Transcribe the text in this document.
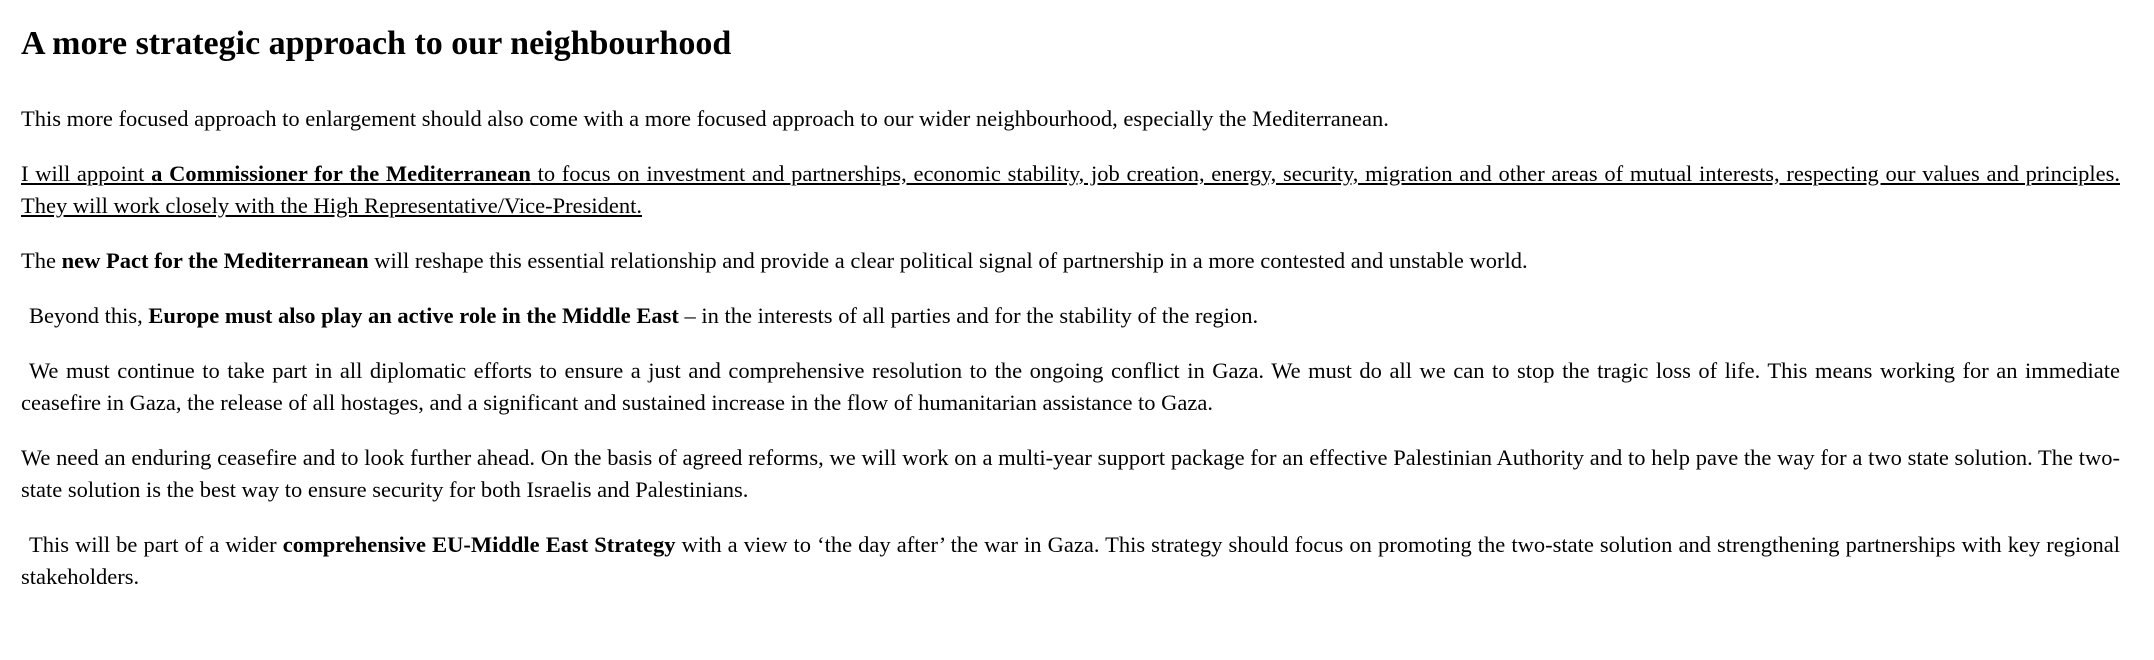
A more strategic approach to our neighbourhood

This more focused approach to enlargement should also come with a more focused approach to our wider neighbourhood, especially the Mediterranean.

I will appoint a Commissioner for the Mediterranean to focus on investment and partnerships, economic stability, job creation, energy, security, migration and other areas of mutual interests, respecting our values and principles. They will work closely with the High Representative/Vice-President.

The new Pact for the Mediterranean will reshape this essential relationship and provide a clear political signal of partnership in a more contested and unstable world.

Beyond this, Europe must also play an active role in the Middle East – in the interests of all parties and for the stability of the region.

We must continue to take part in all diplomatic efforts to ensure a just and comprehensive resolution to the ongoing conflict in Gaza. We must do all we can to stop the tragic loss of life. This means working for an immediate ceasefire in Gaza, the release of all hostages, and a significant and sustained increase in the flow of humanitarian assistance to Gaza.

We need an enduring ceasefire and to look further ahead. On the basis of agreed reforms, we will work on a multi-year support package for an effective Palestinian Authority and to help pave the way for a two state solution. The two-state solution is the best way to ensure security for both Israelis and Palestinians.

This will be part of a wider comprehensive EU-Middle East Strategy with a view to ‘the day after’ the war in Gaza. This strategy should focus on promoting the two-state solution and strengthening partnerships with key regional stakeholders.
